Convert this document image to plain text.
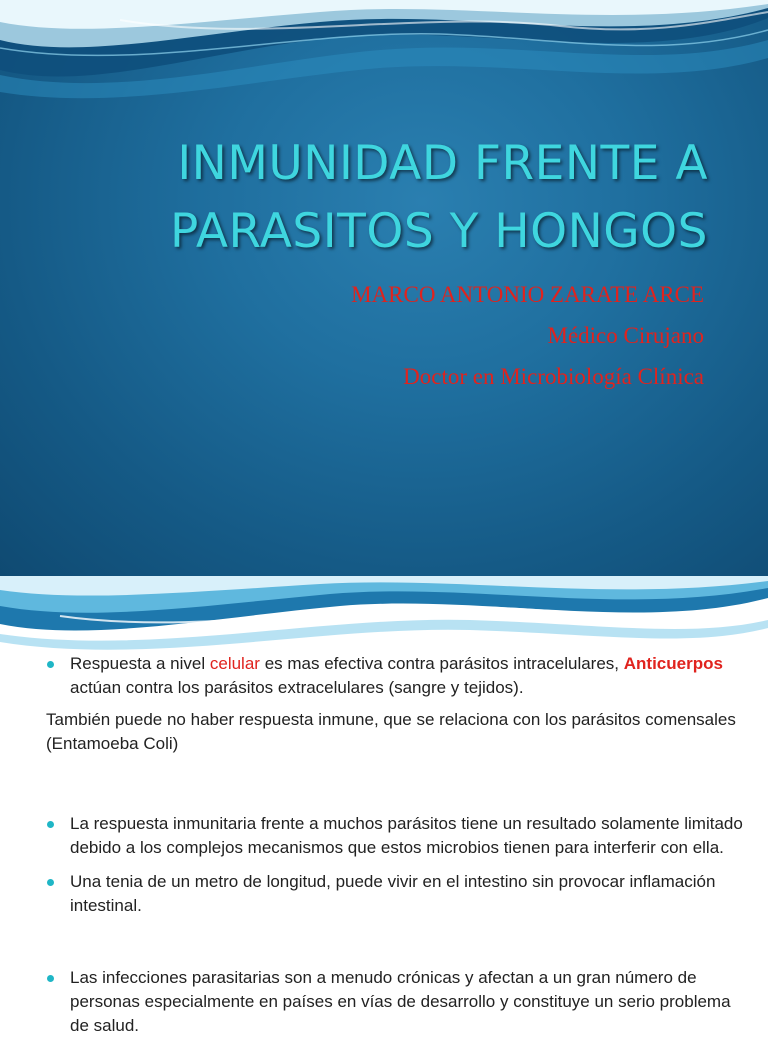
INMUNIDAD FRENTE A
PARASITOS Y HONGOS
MARCO ANTONIO ZARATE ARCE
Médico Cirujano
Doctor en Microbiología Clínica
Respuesta a nivel celular es mas efectiva contra parásitos intracelulares, Anticuerpos actúan contra los parásitos extracelulares (sangre y tejidos).
También puede no haber respuesta inmune, que se relaciona con los parásitos comensales (Entamoeba Coli)
La respuesta inmunitaria frente a muchos parásitos tiene un resultado solamente limitado debido a los complejos mecanismos que estos microbios tienen para interferir con ella.
Una tenia de un metro de longitud, puede vivir en el intestino sin provocar inflamación intestinal.
Las infecciones parasitarias son a menudo crónicas y afectan a un gran número de personas especialmente en países en vías de desarrollo y constituye un serio problema de salud.
